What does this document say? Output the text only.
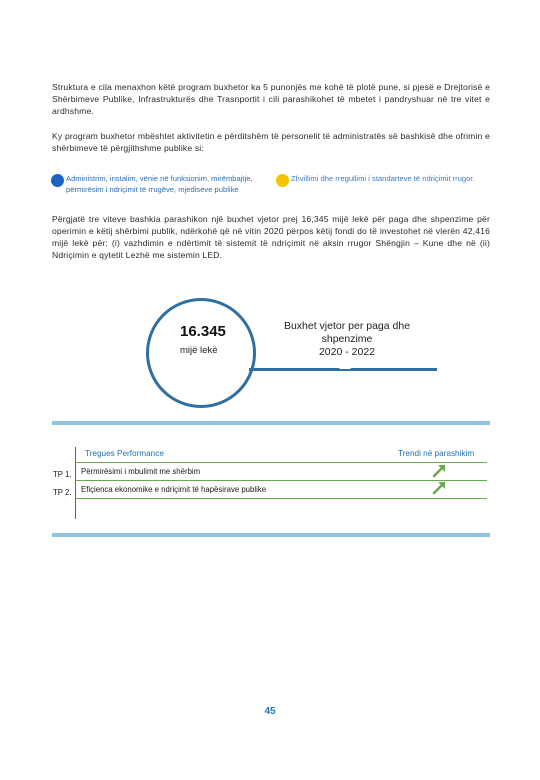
Struktura e cila menaxhon këtë program buxhetor ka 5 punonjës me kohë të plotë pune, si pjesë e Drejtorisë e Shërbimeve Publike, Infrastrukturës dhe Trasnportit i cili parashikohet të mbetet i pandryshuar në tre vitet e ardhshme.

Ky program buxhetor mbështet aktivitetin e përditshëm të personelit të administratës së bashkisë dhe ofrimin e shërbimeve të përgjithshme publike si:

Administrim, instalim, vënie në funksionim, mirëmbajtje, përmirësim i ndriçimit të rrugëve, mjediseve publike
Zhvillimi dhe rregullimi i standarteve të ndriçimit rrugor.

Përgjatë tre viteve bashkia parashikon një buxhet vjetor prej 16,345 mijë lekë për paga dhe shpenzime për operimin e këtij shërbimi publik, ndërkohë që në vitin 2020 përpos këtij fondi do të investohet në vlerën 42,416 mijë lekë për: (i) vazhdimin e ndërtimit të sistemit të ndriçimit në aksin rrugor Shëngjin – Kune dhe në (ii) Ndriçimin e qytetit Lezhë me sistemin LED.

16.345
mijë lekë
Buxhet vjetor per paga dhe
shpenzime
2020 - 2022
Tregues Performance	Trendi në parashikim
TP 1. Përmirësimi i mbulimit me shërbim
TP 2. Efiçienca ekonomike e ndriçimit të hapësirave publike
45
